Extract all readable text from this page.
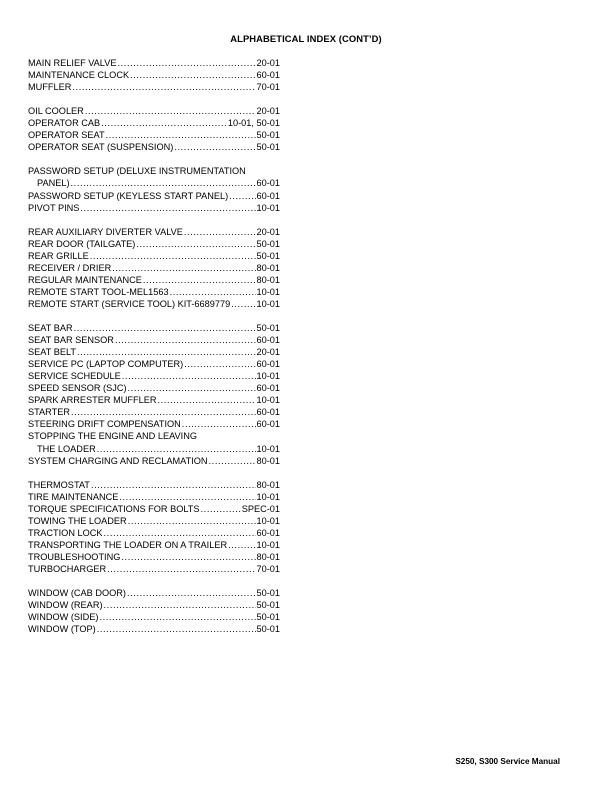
ALPHABETICAL INDEX (CONT’D)
MAIN RELIEF VALVE .....	20-01
MAINTENANCE CLOCK .....	60-01
MUFFLER .....	70-01
OIL COOLER .....	20-01
OPERATOR CAB .....	10-01, 50-01
OPERATOR SEAT .....	50-01
OPERATOR SEAT (SUSPENSION) .....	50-01
PASSWORD SETUP (DELUXE INSTRUMENTATION
PANEL) .....	60-01
PASSWORD SETUP (KEYLESS START PANEL) .....	60-01
PIVOT PINS .....	10-01
REAR AUXILIARY DIVERTER VALVE .....	20-01
REAR DOOR (TAILGATE) .....	50-01
REAR GRILLE .....	50-01
RECEIVER / DRIER .....	80-01
REGULAR MAINTENANCE .....	80-01
REMOTE START TOOL-MEL1563 .....	10-01
REMOTE START (SERVICE TOOL) KIT-6689779 .....	10-01
SEAT BAR .....	50-01
SEAT BAR SENSOR .....	60-01
SEAT BELT .....	20-01
SERVICE PC (LAPTOP COMPUTER) .....	60-01
SERVICE SCHEDULE .....	10-01
SPEED SENSOR (SJC) .....	60-01
SPARK ARRESTER MUFFLER .....	10-01
STARTER .....	60-01
STEERING DRIFT COMPENSATION .....	60-01
STOPPING THE ENGINE AND LEAVING
THE LOADER .....	10-01
SYSTEM CHARGING AND RECLAMATION .....	80-01
THERMOSTAT .....	80-01
TIRE MAINTENANCE .....	10-01
TORQUE SPECIFICATIONS FOR BOLTS .....	SPEC-01
TOWING THE LOADER .....	10-01
TRACTION LOCK .....	60-01
TRANSPORTING THE LOADER ON A TRAILER .....	10-01
TROUBLESHOOTING .....	80-01
TURBOCHARGER .....	70-01
WINDOW (CAB DOOR) .....	50-01
WINDOW (REAR) .....	50-01
WINDOW (SIDE) .....	50-01
WINDOW (TOP) .....	50-01
S250, S300 Service Manual
